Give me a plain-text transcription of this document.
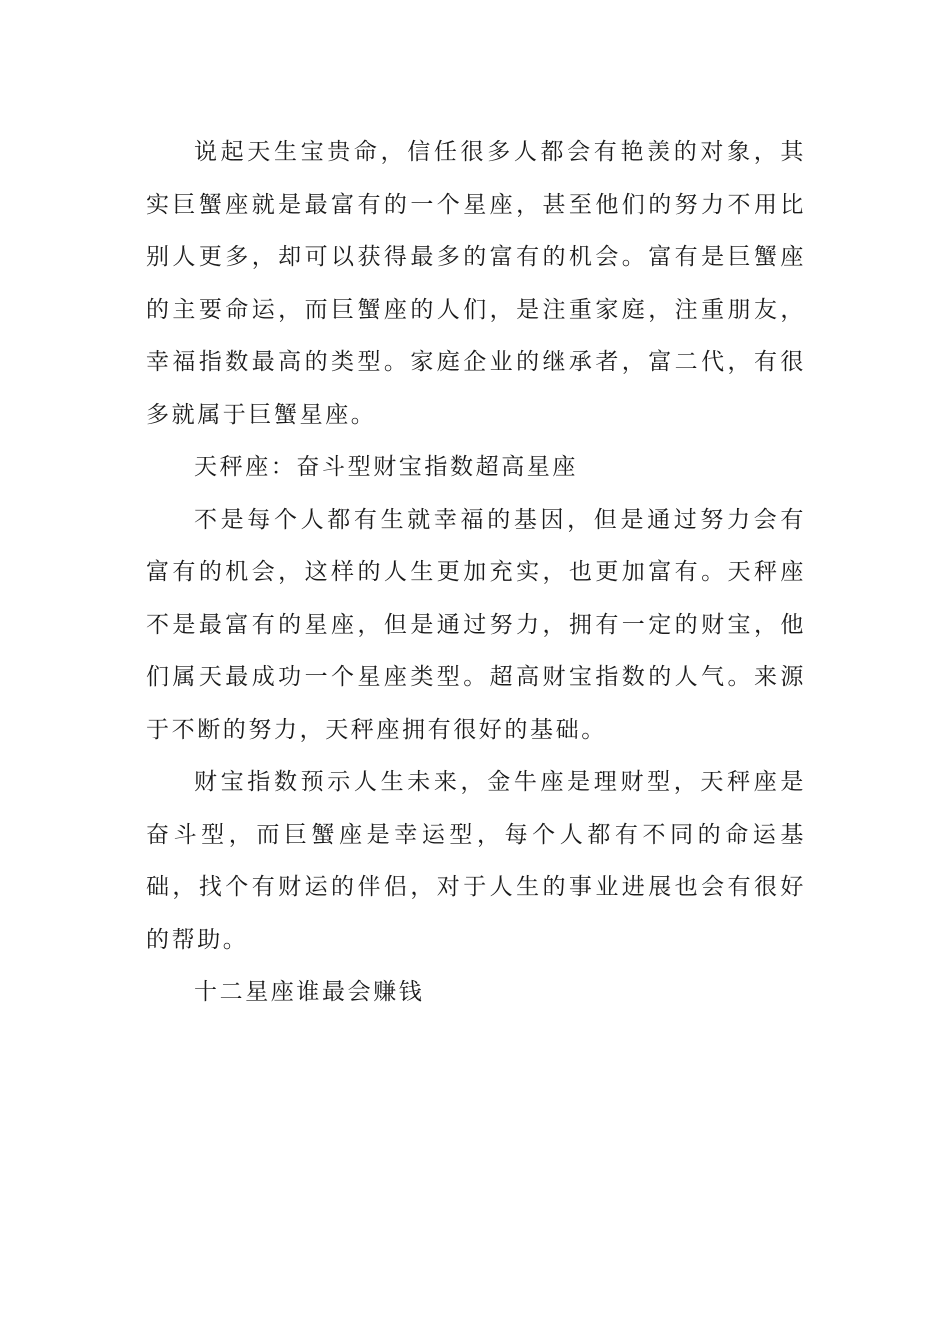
说起天生宝贵命，信任很多人都会有艳羡的对象，其实巨蟹座就是最富有的一个星座，甚至他们的努力不用比别人更多，却可以获得最多的富有的机会。富有是巨蟹座的主要命运，而巨蟹座的人们，是注重家庭，注重朋友，幸福指数最高的类型。家庭企业的继承者，富二代，有很多就属于巨蟹星座。

天秤座：奋斗型财宝指数超高星座

不是每个人都有生就幸福的基因，但是通过努力会有富有的机会，这样的人生更加充实，也更加富有。天秤座不是最富有的星座，但是通过努力，拥有一定的财宝，他们属天最成功一个星座类型。超高财宝指数的人气。来源于不断的努力，天秤座拥有很好的基础。

财宝指数预示人生未来，金牛座是理财型，天秤座是奋斗型，而巨蟹座是幸运型，每个人都有不同的命运基础，找个有财运的伴侣，对于人生的事业进展也会有很好的帮助。

十二星座谁最会赚钱
